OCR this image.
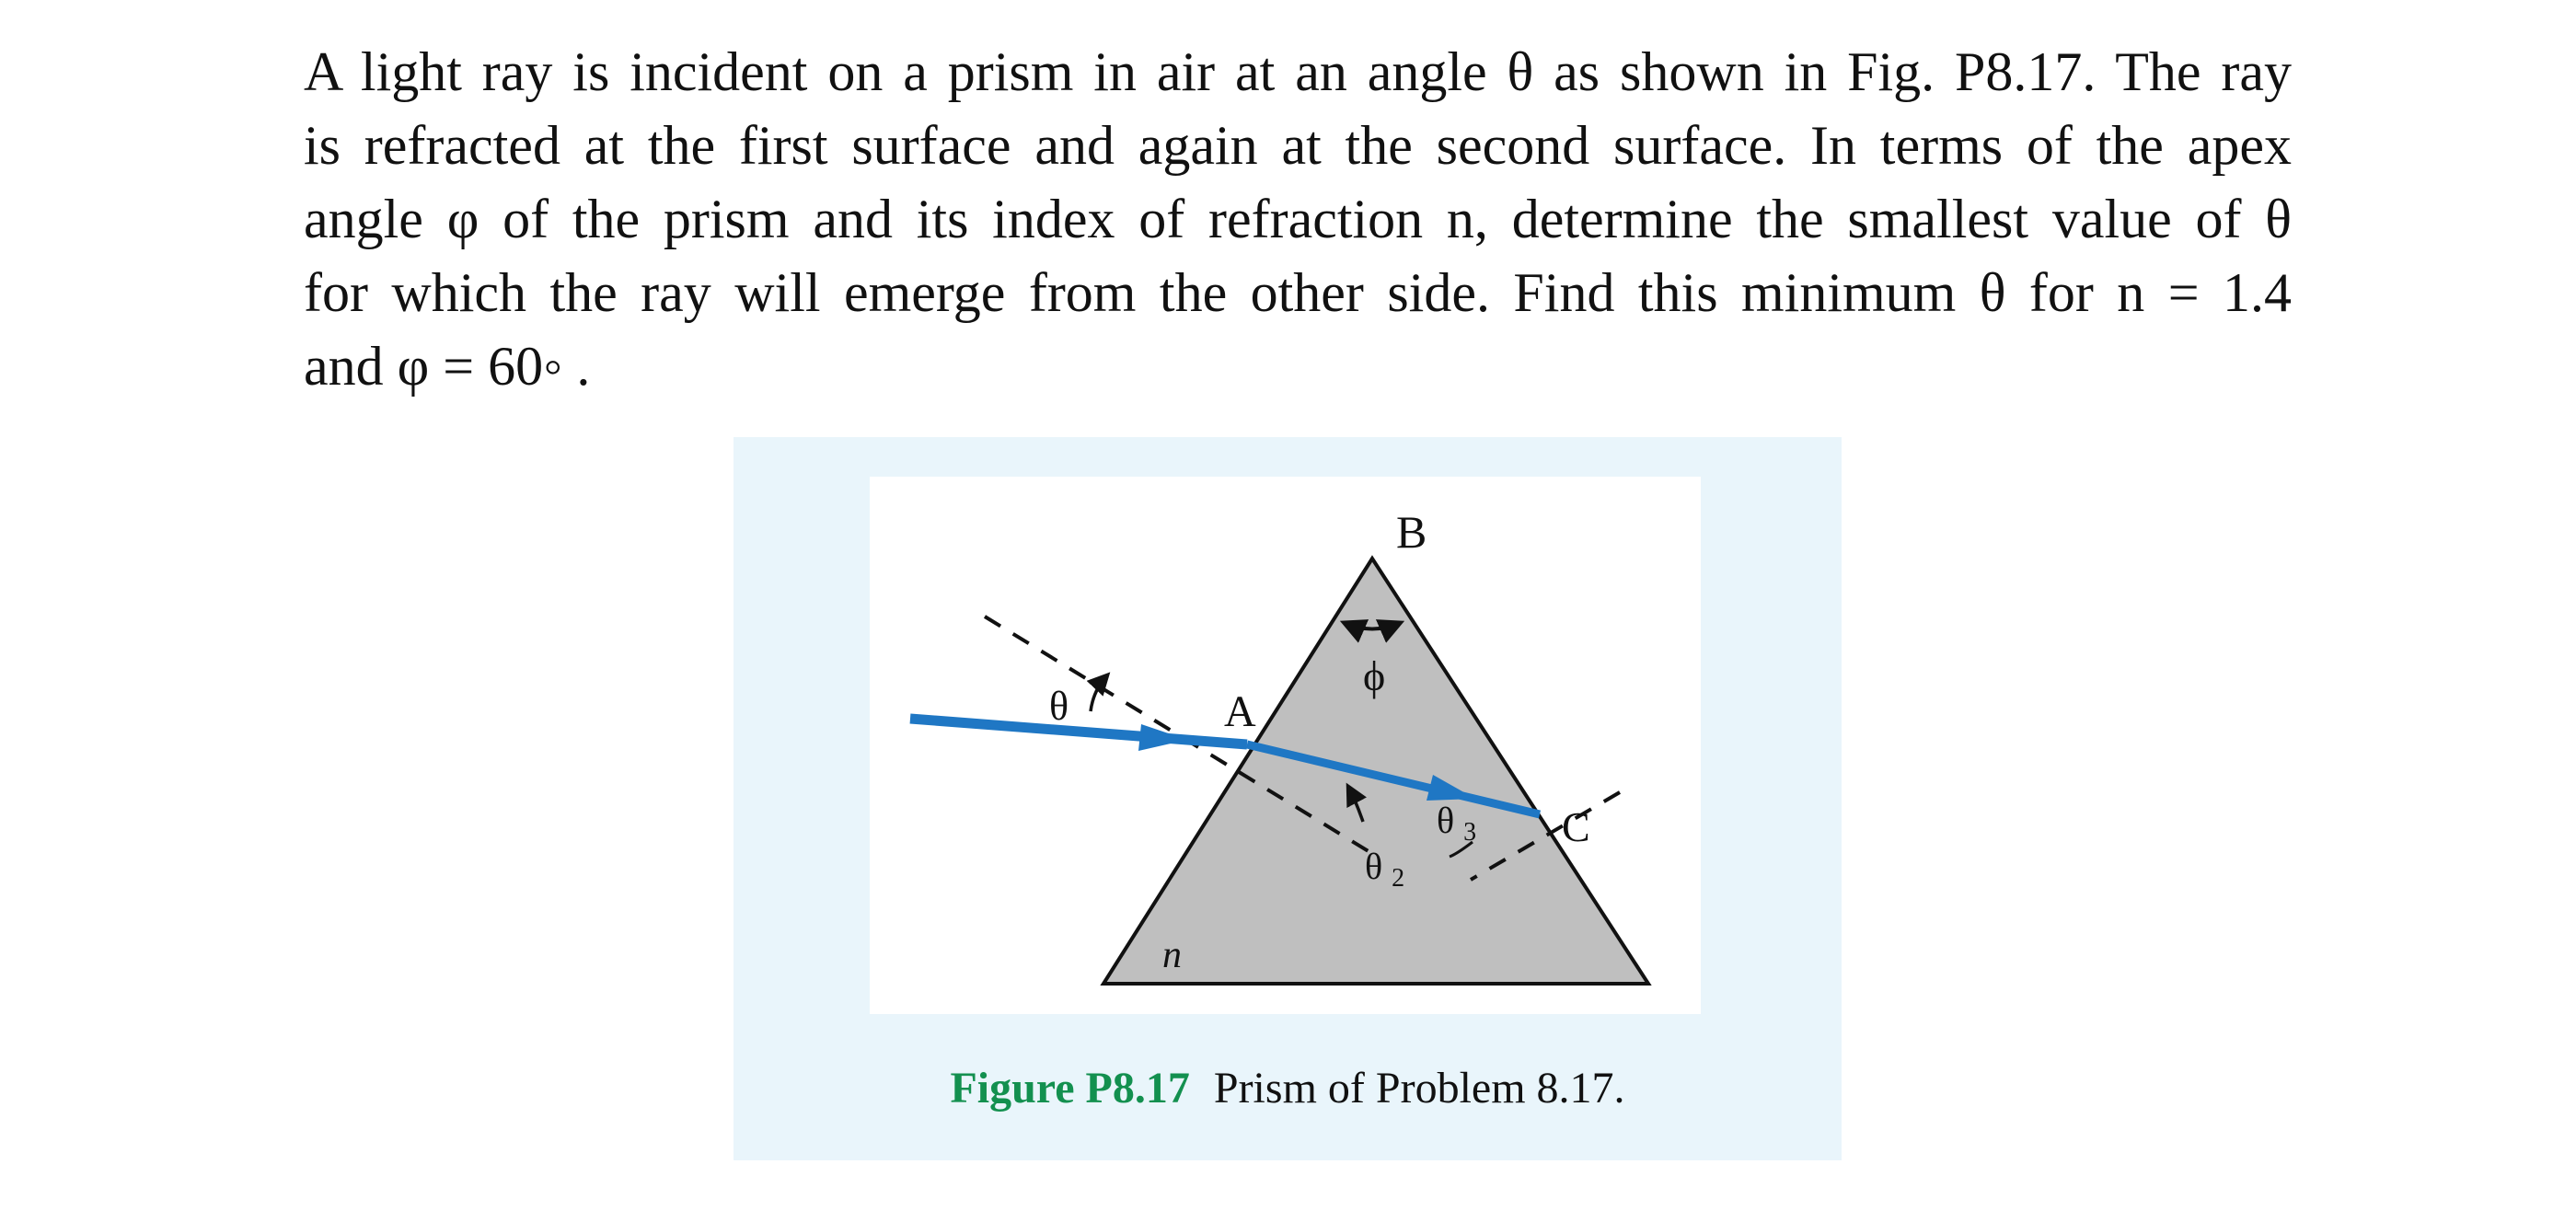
A light ray is incident on a prism in air at an angle θ as shown in Fig. P8.17. The ray
is refracted at the first surface and again at the second surface. In terms of the apex
angle φ of the prism and its index of refraction n, determine the smallest value of θ
for which the ray will emerge from the other side. Find this minimum θ for n = 1.4
and φ = 60◦ .
B
A
C
ϕ
θ
θ $_2$
θ $_3$
n
Figure P8.17 Prism of Problem 8.17.
